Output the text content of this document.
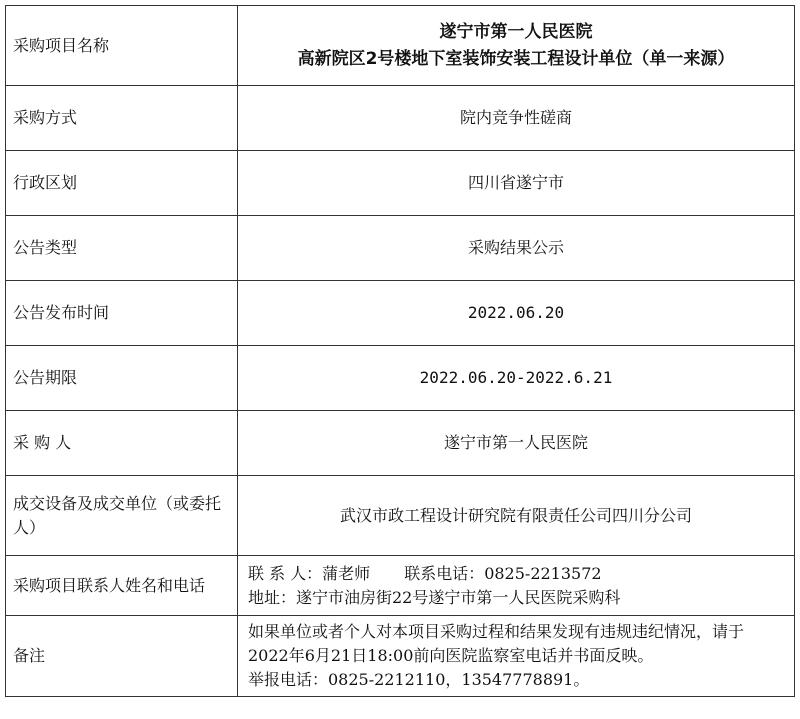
采购项目名称	遂宁市第一人民医院
高新院区2号楼地下室装饰安装工程设计单位（单一来源）

采购方式	院内竞争性磋商
行政区划	四川省遂宁市
公告类型	采购结果公示
公告发布时间	2022.06.20
公告期限	2022.06.20-2022.6.21
采 购 人	遂宁市第一人民医院
成交设备及成交单位（或委托人）	武汉市政工程设计研究院有限责任公司四川分公司
采购项目联系人姓名和电话	联 系 人：蒲老师 联系电话：0825-2213572
地址：遂宁市油房街22号遂宁市第一人民医院采购科

备注	如果单位或者个人对本项目采购过程和结果发现有违规违纪情况，请于2022年6月21日18:00前向医院监察室电话并书面反映。
举报电话：0825-2212110，13547778891。
